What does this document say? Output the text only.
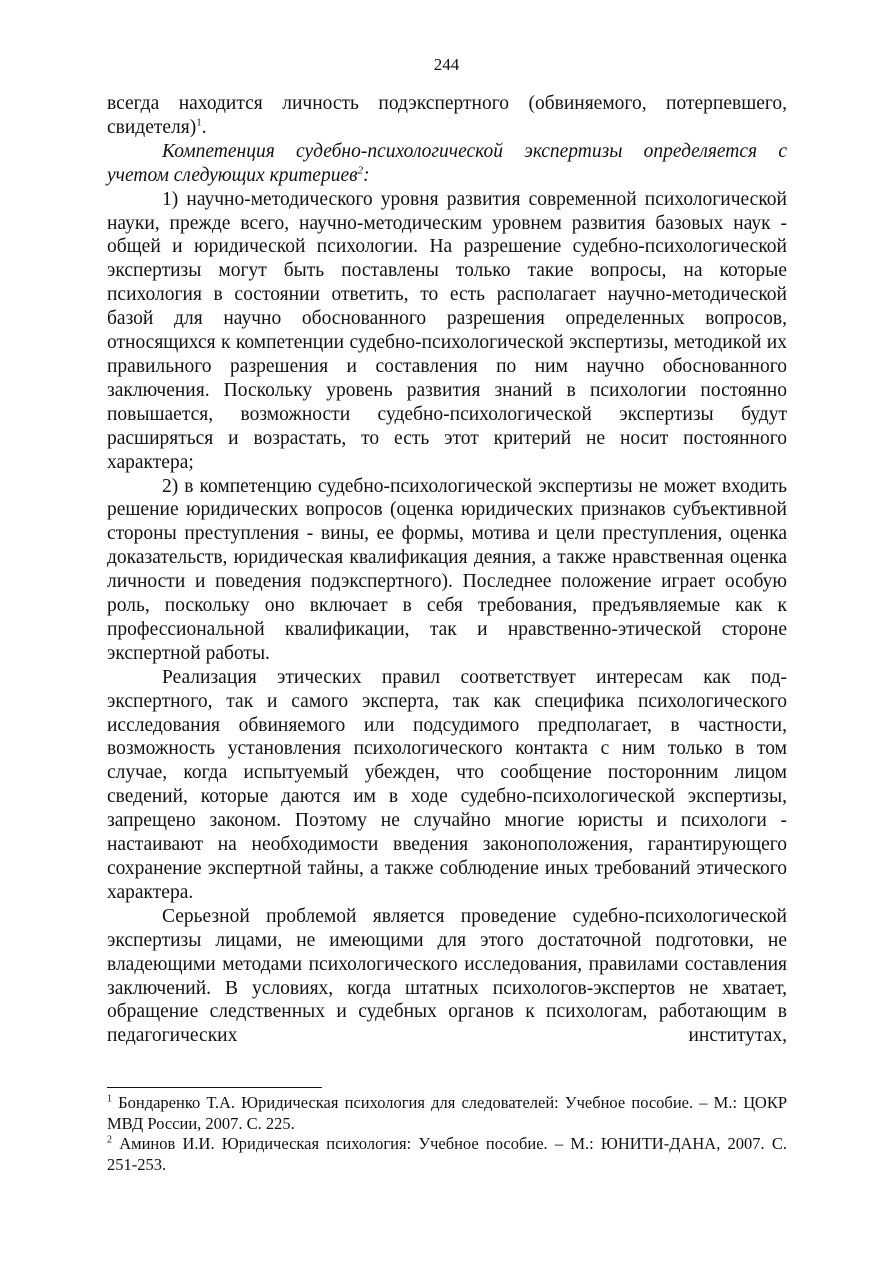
244

всегда находится личность подэкспертного (обвиняемого, потерпевшего, свидетеля)$^1$.

Компетенция судебно-психологической экспертизы определяется с учетом следующих критериев$^2$:

1) научно-методического уровня развития современной психологической науки, прежде всего, научно-методическим уровнем развития базовых наук - общей и юридической психологии. На разрешение судебно-психологической экспертизы могут быть поставлены только такие вопросы, на которые психология в состоянии ответить, то есть располагает научно-методической базой для научно обоснованного разрешения определенных вопросов, относящихся к компетенции судебно-психологической экспертизы, методикой их правильного разрешения и составления по ним научно обоснованного заключения. Поскольку уровень развития знаний в психологии постоянно повышается, возможности судебно-психологической экспертизы будут расширяться и возрастать, то есть этот критерий не носит постоянного характера;

2) в компетенцию судебно-психологической экспертизы не может входить решение юридических вопросов (оценка юридических признаков субъективной стороны преступления - вины, ее формы, мотива и цели преступления, оценка доказательств, юридическая квалификация деяния, а также нравственная оценка личности и поведения подэкспертного). Последнее положение играет особую роль, поскольку оно включает в себя требования, предъявляемые как к профессиональной квалификации, так и нравственно-этической стороне экспертной работы.

Реализация этических правил соответствует интересам как подэкспертного, так и самого эксперта, так как специфика психологического исследования обвиняемого или подсудимого предполагает, в частности, возможность установления психологического контакта с ним только в том случае, когда испытуемый убежден, что сообщение посторонним лицом сведений, которые даются им в ходе судебно-психологической экспертизы, запрещено законом. Поэтому не случайно многие юристы и психологи - настаивают на необходимости введения законоположения, гарантирующего сохранение экспертной тайны, а также соблюдение иных требований этического характера.

Серьезной проблемой является проведение судебно-психологической экспертизы лицами, не имеющими для этого достаточной подготовки, не владеющими методами психологического исследования, правилами составления заключений. В условиях, когда штатных психологов-экспертов не хватает, обращение следственных и судебных органов к психологам, работающим в педагогических институтах,

$^1$ Бондаренко Т.А. Юридическая психология для следователей: Учебное пособие. – М.: ЦОКР МВД России, 2007. С. 225.

$^2$ Аминов И.И. Юридическая психология: Учебное пособие. – М.: ЮНИТИ-ДАНА, 2007. С. 251-253.
